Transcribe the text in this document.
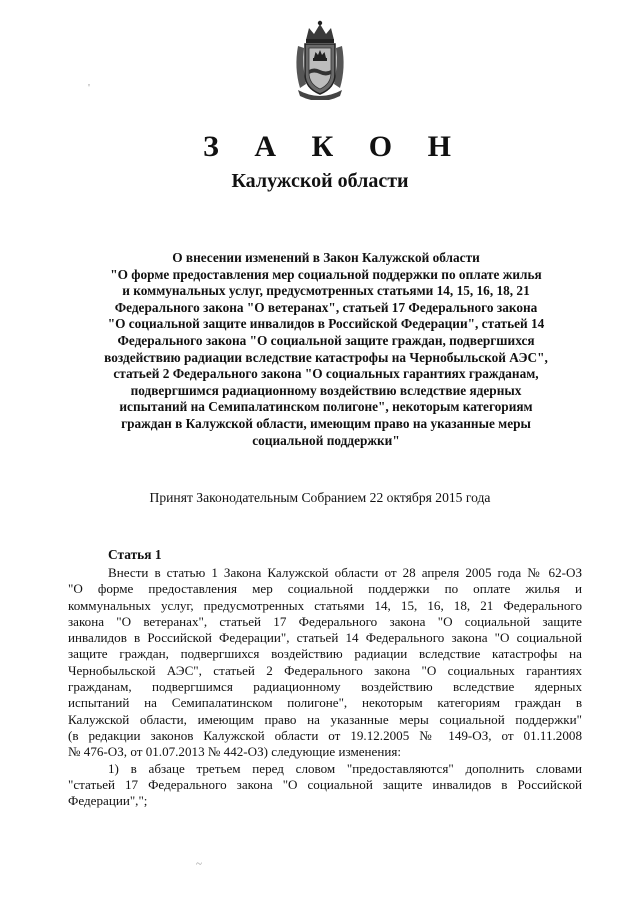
З А К О Н
Калужской области
О внесении изменений в Закон Калужской области
"О форме предоставления мер социальной поддержки по оплате жилья
и коммунальных услуг, предусмотренных статьями 14, 15, 16, 18, 21
Федерального закона "О ветеранах", статьей 17 Федерального закона
"О социальной защите инвалидов в Российской Федерации", статьей 14
Федерального закона "О социальной защите граждан, подвергшихся
воздействию радиации вследствие катастрофы на Чернобыльской АЭС",
статьей 2 Федерального закона "О социальных гарантиях гражданам,
подвергшимся радиационному воздействию вследствие ядерных
испытаний на Семипалатинском полигоне", некоторым категориям
граждан в Калужской области, имеющим право на указанные меры
социальной поддержки"
Принят Законодательным Собранием 22 октября 2015 года
Статья 1
Внести в статью 1 Закона Калужской области от 28 апреля 2005 года № 62-ОЗ
"О форме предоставления мер социальной поддержки по оплате жилья и
коммунальных услуг, предусмотренных статьями 14, 15, 16, 18, 21 Федерального
закона "О ветеранах", статьей 17 Федерального закона "О социальной защите
инвалидов в Российской Федерации", статьей 14 Федерального закона "О социальной
защите граждан, подвергшихся воздействию радиации вследствие катастрофы на
Чернобыльской АЭС", статьей 2 Федерального закона "О социальных гарантиях
гражданам, подвергшимся радиационному воздействию вследствие ядерных
испытаний на Семипалатинском полигоне", некоторым категориям граждан в
Калужской области, имеющим право на указанные меры социальной поддержки"
(в редакции законов Калужской области от 19.12.2005 № 149-ОЗ, от 01.11.2008
№ 476-ОЗ, от 01.07.2013 № 442-ОЗ) следующие изменения:
1) в абзаце третьем перед словом "предоставляются" дополнить словами
"статьей 17 Федерального закона "О социальной защите инвалидов в Российской
Федерации",";
'
~
